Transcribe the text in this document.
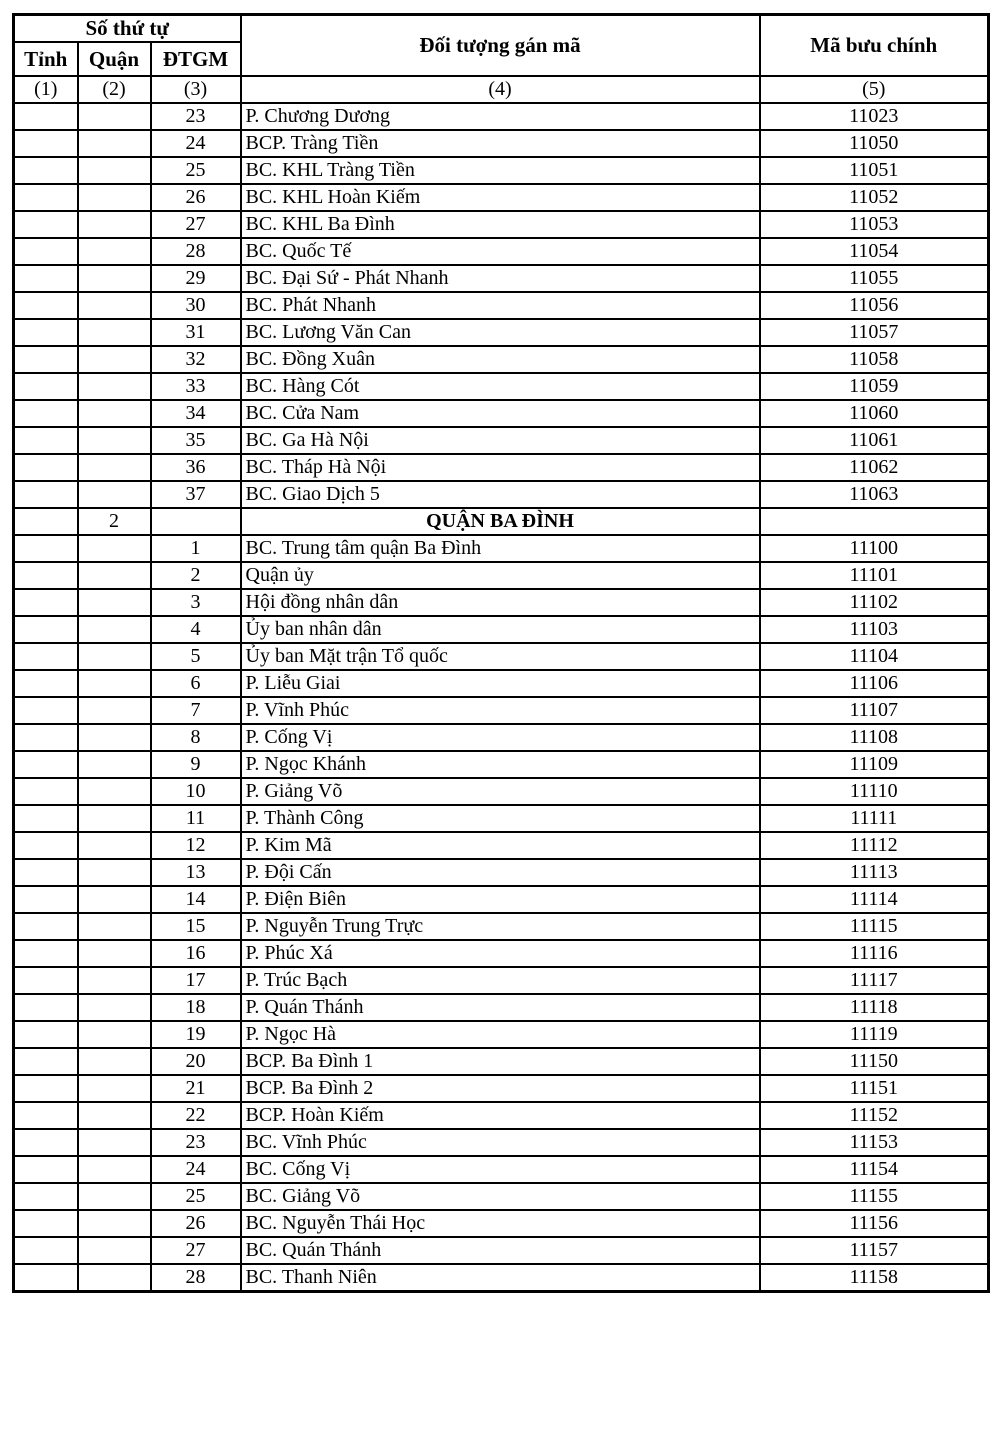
Số thứ tự			Đối tượng gán mã	Mã bưu chính
Tỉnh	Quận	ĐTGM		
(1)	(2)	(3)	(4)	(5)
		23	P. Chương Dương	11023
		24	BCP. Tràng Tiền	11050
		25	BC. KHL Tràng Tiền	11051
		26	BC. KHL Hoàn Kiếm	11052
		27	BC. KHL Ba Đình	11053
		28	BC. Quốc Tế	11054
		29	BC. Đại Sứ - Phát Nhanh	11055
		30	BC. Phát Nhanh	11056
		31	BC. Lương Văn Can	11057
		32	BC. Đồng Xuân	11058
		33	BC. Hàng Cót	11059
		34	BC. Cửa Nam	11060
		35	BC. Ga Hà Nội	11061
		36	BC. Tháp Hà Nội	11062
		37	BC. Giao Dịch 5	11063
	2		QUẬN BA ĐÌNH	
		1	BC. Trung tâm quận Ba Đình	11100
		2	Quận ủy	11101
		3	Hội đồng nhân dân	11102
		4	Ủy ban nhân dân	11103
		5	Ủy ban Mặt trận Tổ quốc	11104
		6	P. Liễu Giai	11106
		7	P. Vĩnh Phúc	11107
		8	P. Cống Vị	11108
		9	P. Ngọc Khánh	11109
		10	P. Giảng Võ	11110
		11	P. Thành Công	11111
		12	P. Kim Mã	11112
		13	P. Đội Cấn	11113
		14	P. Điện Biên	11114
		15	P. Nguyễn Trung Trực	11115
		16	P. Phúc Xá	11116
		17	P. Trúc Bạch	11117
		18	P. Quán Thánh	11118
		19	P. Ngọc Hà	11119
		20	BCP. Ba Đình 1	11150
		21	BCP. Ba Đình 2	11151
		22	BCP. Hoàn Kiếm	11152
		23	BC. Vĩnh Phúc	11153
		24	BC. Cống Vị	11154
		25	BC. Giảng Võ	11155
		26	BC. Nguyễn Thái Học	11156
		27	BC. Quán Thánh	11157
		28	BC. Thanh Niên	11158
